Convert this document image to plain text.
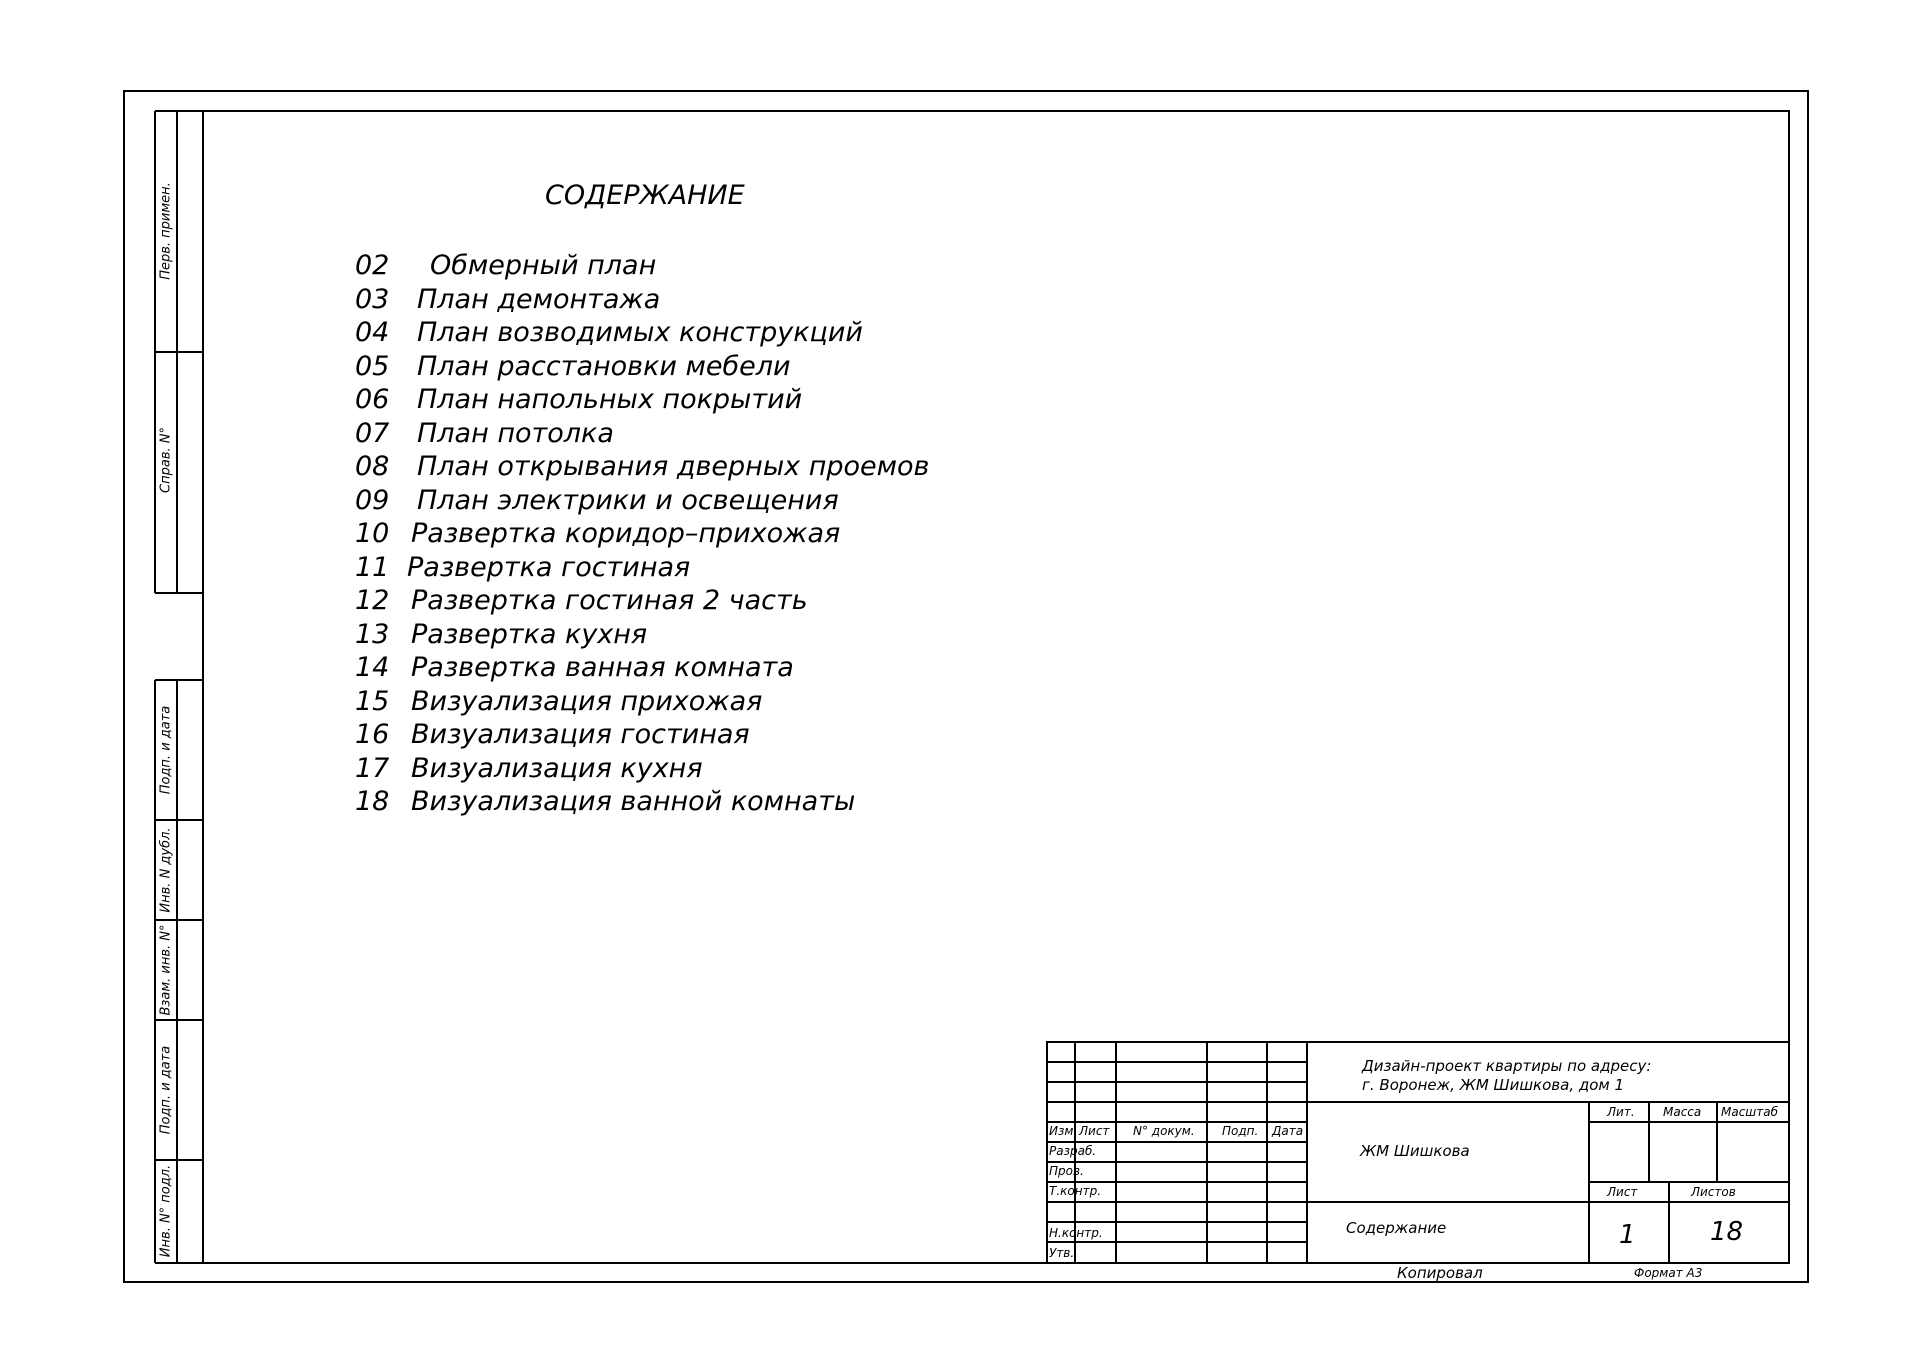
Перв. примен.
Справ. N°
Подп. и дата
Инв. N дубл.
Взам. инв. N°
Подп. и дата
Инв. N° подл.
СОДЕРЖАНИЕ
02 Обмерный план
03 План демонтажа
04 План возводимых конструкций
05 План расстановки мебели
06 План напольных покрытий
07 План потолка
08 План открывания дверных проемов
09 План электрики и освещения
10 Развертка коридор–прихожая
11 Развертка гостиная
12 Развертка гостиная 2 часть
13 Развертка кухня
14 Развертка ванная комната
15 Визуализация прихожая
16 Визуализация гостиная
17 Визуализация кухня
18 Визуализация ванной комнаты
Дизайн-проект квартиры по адресу:
г. Воронеж, ЖМ Шишкова, дом 1
Изм Лист N° докум. Подп. Дата
Разраб.
Пров.
Т.контр.
Н.контр.
Утв.
ЖМ Шишкова
Содержание
Лит. Масса Масштаб
Лист	Листов
1	18
Копировал	Формат А3
